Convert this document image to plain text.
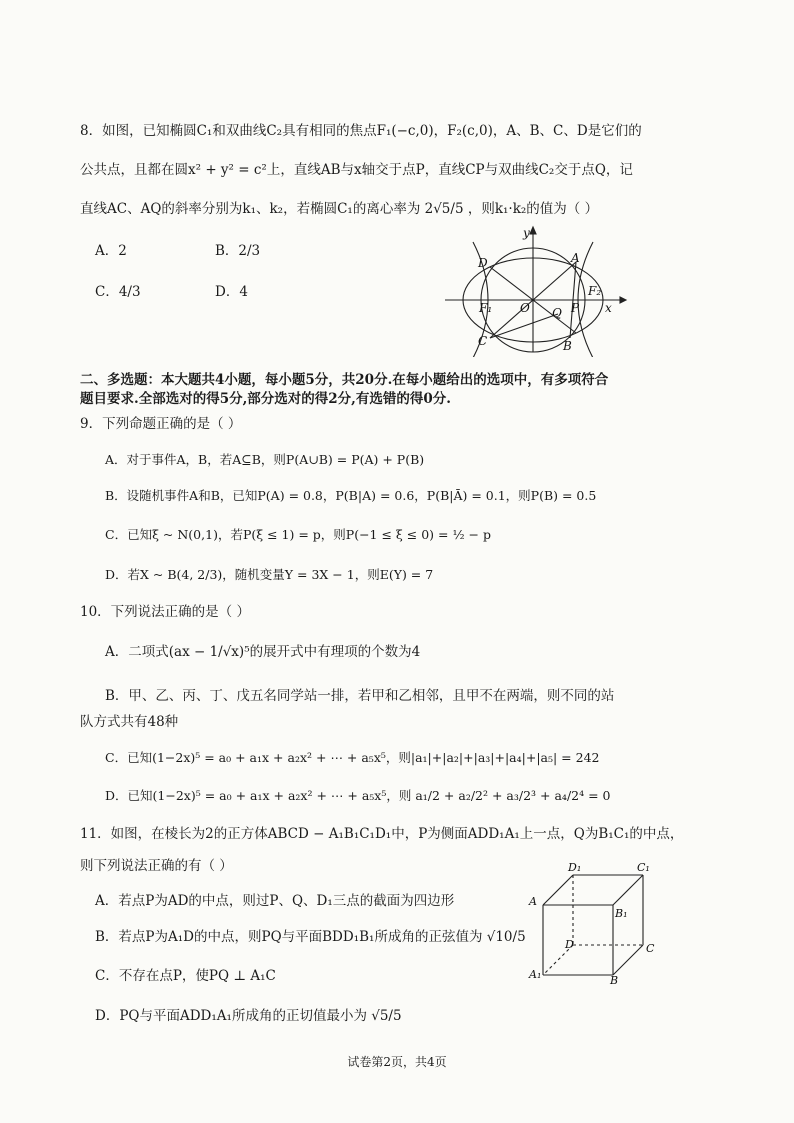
8．如图，已知椭圆C₁和双曲线C₂具有相同的焦点F₁(−c,0)，F₂(c,0)，A、B、C、D是它们的
公共点，且都在圆x² + y² = c²上，直线AB与x轴交于点P，直线CP与双曲线C₂交于点Q，记
直线AC、AQ的斜率分别为k₁、k₂，若椭圆C₁的离心率为 2√5/5 ，则k₁·k₂的值为（ ）
A．2	B．2/3
C．4/3	D．4
y
D	A
F₁ O Q P
F₂
x
C	B
二、多选题：本大题共4小题，每小题5分，共20分.在每小题给出的选项中，有多项符合
题目要求.全部选对的得5分,部分选对的得2分,有选错的得0分.
9．下列命题正确的是（ ）
A．对于事件A，B，若A⊆B，则P(A∪B) = P(A) + P(B)
B．设随机事件A和B，已知P(A) = 0.8，P(B|A) = 0.6，P(B|Ā) = 0.1，则P(B) = 0.5
C．已知ξ ~ N(0,1)，若P(ξ ≤ 1) = p，则P(−1 ≤ ξ ≤ 0) = ½ − p
D．若X ~ B(4, 2/3)，随机变量Y = 3X − 1，则E(Y) = 7
10．下列说法正确的是（ ）
A．二项式(ax − 1/√x)⁵的展开式中有理项的个数为4
B．甲、乙、丙、丁、戊五名同学站一排，若甲和乙相邻，且甲不在两端，则不同的站
队方式共有48种
C．已知(1−2x)⁵ = a₀ + a₁x + a₂x² + ⋯ + a₅x⁵，则|a₁|+|a₂|+|a₃|+|a₄|+|a₅| = 242
D．已知(1−2x)⁵ = a₀ + a₁x + a₂x² + ⋯ + a₅x⁵，则 a₁/2 + a₂/2² + a₃/2³ + a₄/2⁴ = 0
11．如图，在棱长为2的正方体ABCD − A₁B₁C₁D₁中，P为侧面ADD₁A₁上一点，Q为B₁C₁的中点，
则下列说法正确的有（ ）
A．若点P为AD的中点，则过P、Q、D₁三点的截面为四边形
B．若点P为A₁D的中点，则PQ与平面BDD₁B₁所成角的正弦值为 √10/5
C．不存在点P，使PQ ⊥ A₁C
D．PQ与平面ADD₁A₁所成角的正切值最小为 √5/5
D₁	C₁
A
B₁
D	C
A₁	B
试卷第2页，共4页
